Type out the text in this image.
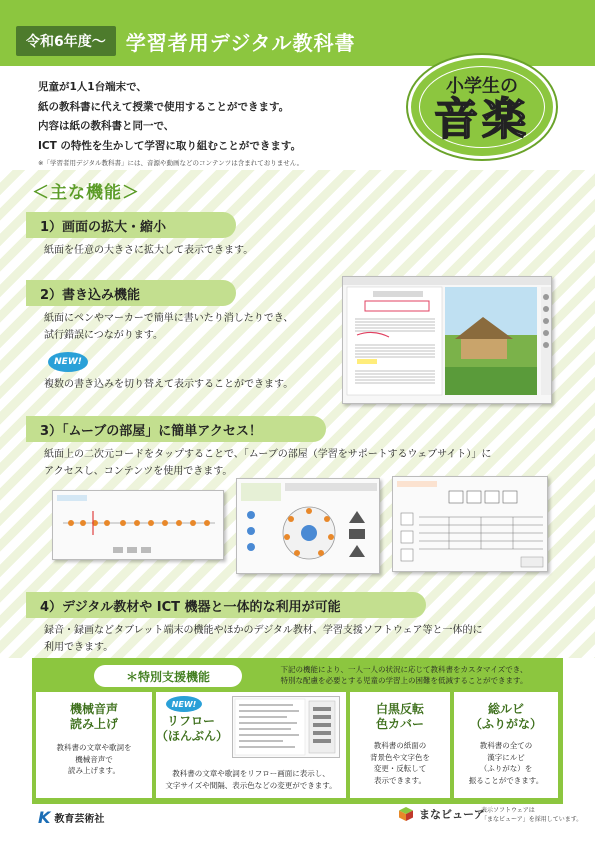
令和6年度〜	学習者用デジタル教科書

児童が1人1台端末で、

紙の教科書に代えて授業で使用することができます。

内容は紙の教科書と同一で、

ICT の特性を生かして学習に取り組むことができます。

※「学習者用デジタル教科書」には、音源や動画などのコンテンツは含まれておりません。

小学生の
音楽
＜主な機能＞
1）画面の拡大・縮小
紙面を任意の大きさに拡大して表示できます。
2）書き込み機能
紙面にペンやマーカーで簡単に書いたり消したりでき、
試行錯誤につながります。
NEW!
複数の書き込みを切り替えて表示することができます。
3）「ムーブの部屋」に簡単アクセス！
紙面上の二次元コードをタップすることで、「ムーブの部屋（学習をサポートするウェブサイト）」に
アクセスし、コンテンツを使用できます。
4）デジタル教材や ICT 機器と一体的な利用が可能
録音・録画などタブレット端末の機能やほかのデジタル教材、学習支援ソフトウェア等と一体的に
利用できます。
＊特別支援機能	下記の機能により、一人一人の状況に応じて教科書をカスタマイズでき、
特別な配慮を必要とする児童の学習上の困難を低減することができます。
機械音声
読み上げ
教科書の文章や歌詞を
機械音声で
読み上げます。
NEW!
リフロー
（ほんぶん）
教科書の文章や歌詞をリフロー画面に表示し、
文字サイズや間隔、表示色などの変更ができます。
白黒反転
色カバー
教科書の紙面の
背景色や文字色を
変更・反転して
表示できます。
総ルビ
（ふりがな）
教科書の全ての
漢字にルビ
（ふりがな）を
振ることができます。
K 教育芸術社	まなビューア
表示ソフトウェアは
「まなビューア」を採用しています。
